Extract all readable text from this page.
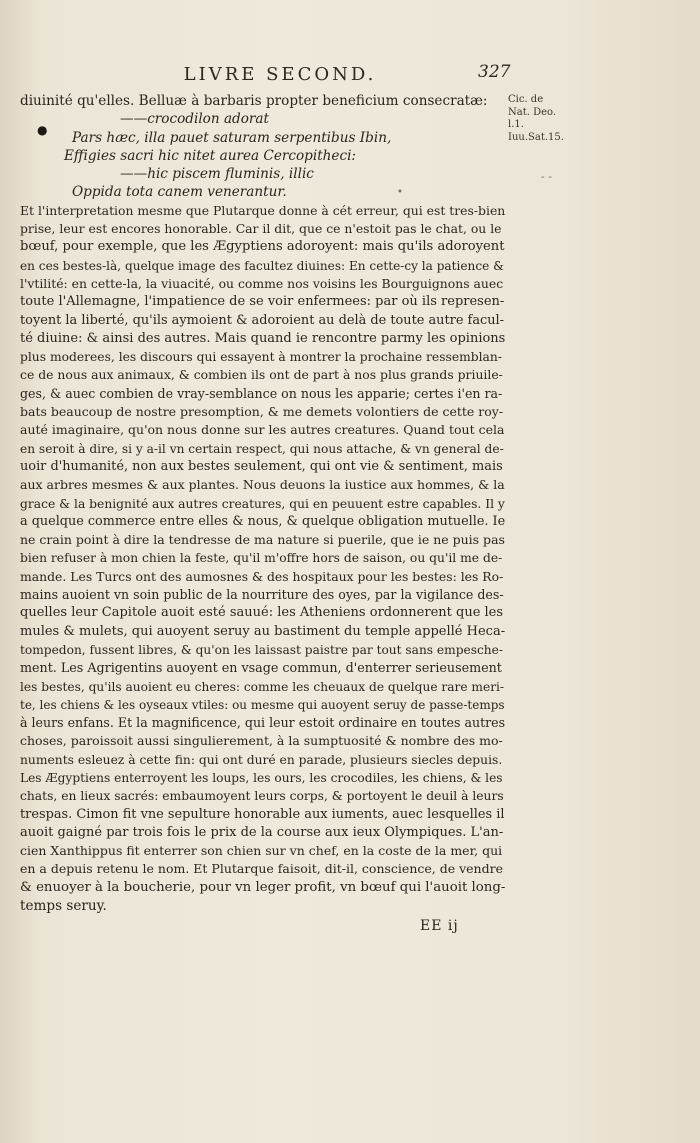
LIVRE SECOND.	327
Cic. de
Nat. Deo.
l.1.
Iuu.Sat.15.
●
•
- -
diuinité qu'elles. Belluæ à barbaris propter beneficium consecratæ:
——crocodilon adorat
Pars hæc, illa pauet saturam serpentibus Ibin,
Effigies sacri hic nitet aurea Cercopitheci:
——hic piscem fluminis, illic
Oppida tota canem venerantur.
Et l'interpretation mesme que Plutarque donne à cét erreur, qui est tres-bien
prise, leur est encores honorable. Car il dit, que ce n'estoit pas le chat, ou le
bœuf, pour exemple, que les Ægyptiens adoroyent: mais qu'ils adoroyent
en ces bestes-là, quelque image des facultez diuines: En cette-cy la patience &
l'vtilité: en cette-la, la viuacité, ou comme nos voisins les Bourguignons auec
toute l'Allemagne, l'impatience de se voir enfermees: par où ils represen-
toyent la liberté, qu'ils aymoient & adoroient au delà de toute autre facul-
té diuine: & ainsi des autres. Mais quand ie rencontre parmy les opinions
plus moderees, les discours qui essayent à montrer la prochaine ressemblan-
ce de nous aux animaux, & combien ils ont de part à nos plus grands priuile-
ges, & auec combien de vray-semblance on nous les apparie; certes i'en ra-
bats beaucoup de nostre presomption, & me demets volontiers de cette roy-
auté imaginaire, qu'on nous donne sur les autres creatures. Quand tout cela
en seroit à dire, si y a-il vn certain respect, qui nous attache, & vn general de-
uoir d'humanité, non aux bestes seulement, qui ont vie & sentiment, mais
aux arbres mesmes & aux plantes. Nous deuons la iustice aux hommes, & la
grace & la benignité aux autres creatures, qui en peuuent estre capables. Il y
a quelque commerce entre elles & nous, & quelque obligation mutuelle. Ie
ne crain point à dire la tendresse de ma nature si puerile, que ie ne puis pas
bien refuser à mon chien la feste, qu'il m'offre hors de saison, ou qu'il me de-
mande. Les Turcs ont des aumosnes & des hospitaux pour les bestes: les Ro-
mains auoient vn soin public de la nourriture des oyes, par la vigilance des-
quelles leur Capitole auoit esté sauué: les Atheniens ordonnerent que les
mules & mulets, qui auoyent seruy au bastiment du temple appellé Heca-
tompedon, fussent libres, & qu'on les laissast paistre par tout sans empesche-
ment. Les Agrigentins auoyent en vsage commun, d'enterrer serieusement
les bestes, qu'ils auoient eu cheres: comme les cheuaux de quelque rare meri-
te, les chiens & les oyseaux vtiles: ou mesme qui auoyent seruy de passe-temps
à leurs enfans. Et la magnificence, qui leur estoit ordinaire en toutes autres
choses, paroissoit aussi singulierement, à la sumptuosité & nombre des mo-
numents esleuez à cette fin: qui ont duré en parade, plusieurs siecles depuis.
Les Ægyptiens enterroyent les loups, les ours, les crocodiles, les chiens, & les
chats, en lieux sacrés: embaumoyent leurs corps, & portoyent le deuil à leurs
trespas. Cimon fit vne sepulture honorable aux iuments, auec lesquelles il
auoit gaigné par trois fois le prix de la course aux ieux Olympiques. L'an-
cien Xanthippus fit enterrer son chien sur vn chef, en la coste de la mer, qui
en a depuis retenu le nom. Et Plutarque faisoit, dit-il, conscience, de vendre
& enuoyer à la boucherie, pour vn leger profit, vn bœuf qui l'auoit long-
temps seruy.
EE ij
